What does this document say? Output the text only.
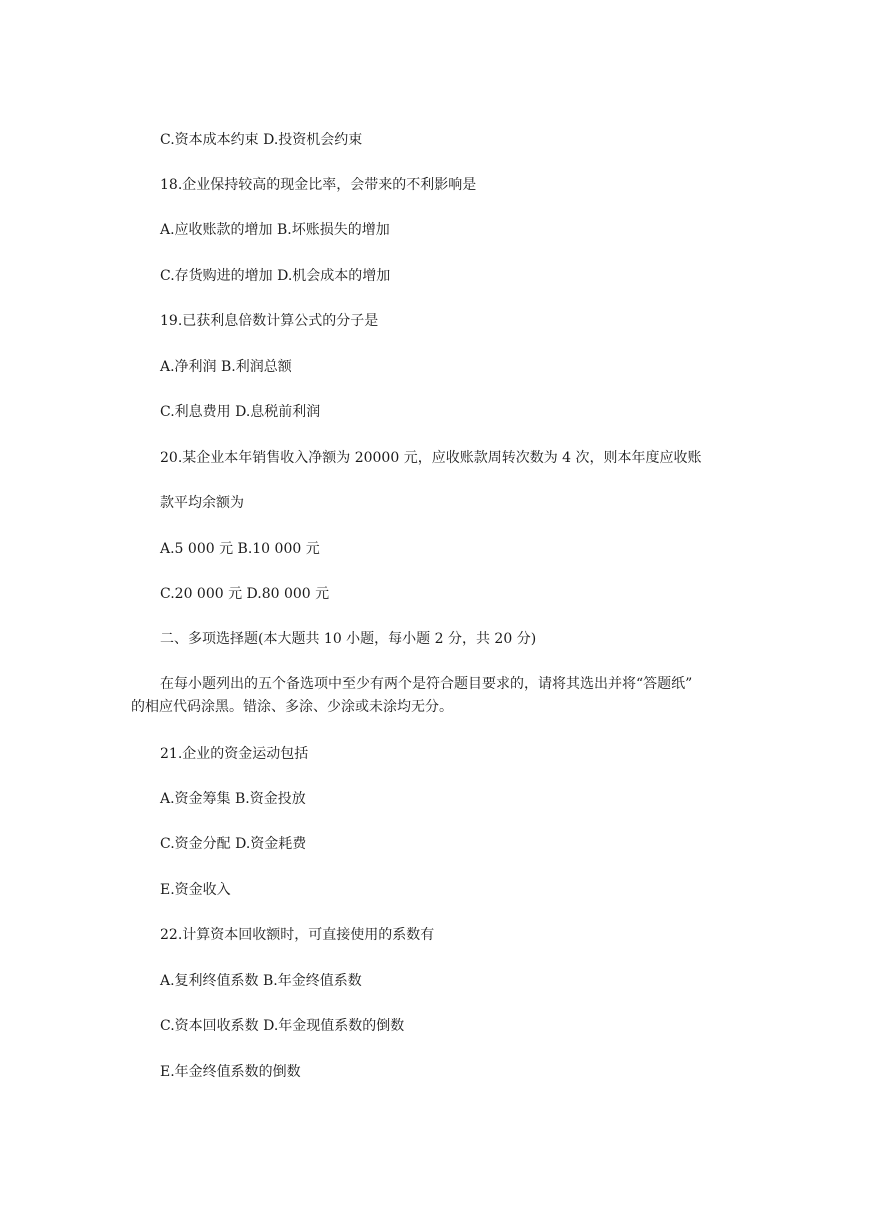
C.资本成本约束 D.投资机会约束

18.企业保持较高的现金比率，会带来的不利影响是

A.应收账款的增加 B.坏账损失的增加

C.存货购进的增加 D.机会成本的增加

19.已获利息倍数计算公式的分子是

A.净利润 B.利润总额

C.利息费用 D.息税前利润

20.某企业本年销售收入净额为 20000 元，应收账款周转次数为 4 次，则本年度应收账

款平均余额为

A.5 000 元 B.10 000 元

C.20 000 元 D.80 000 元

二、多项选择题(本大题共 10 小题，每小题 2 分，共 20 分)

在每小题列出的五个备选项中至少有两个是符合题目要求的，请将其选出并将“答题纸”
的相应代码涂黑。错涂、多涂、少涂或未涂均无分。

21.企业的资金运动包括

A.资金筹集 B.资金投放

C.资金分配 D.资金耗费

E.资金收入

22.计算资本回收额时，可直接使用的系数有

A.复利终值系数 B.年金终值系数

C.资本回收系数 D.年金现值系数的倒数

E.年金终值系数的倒数
